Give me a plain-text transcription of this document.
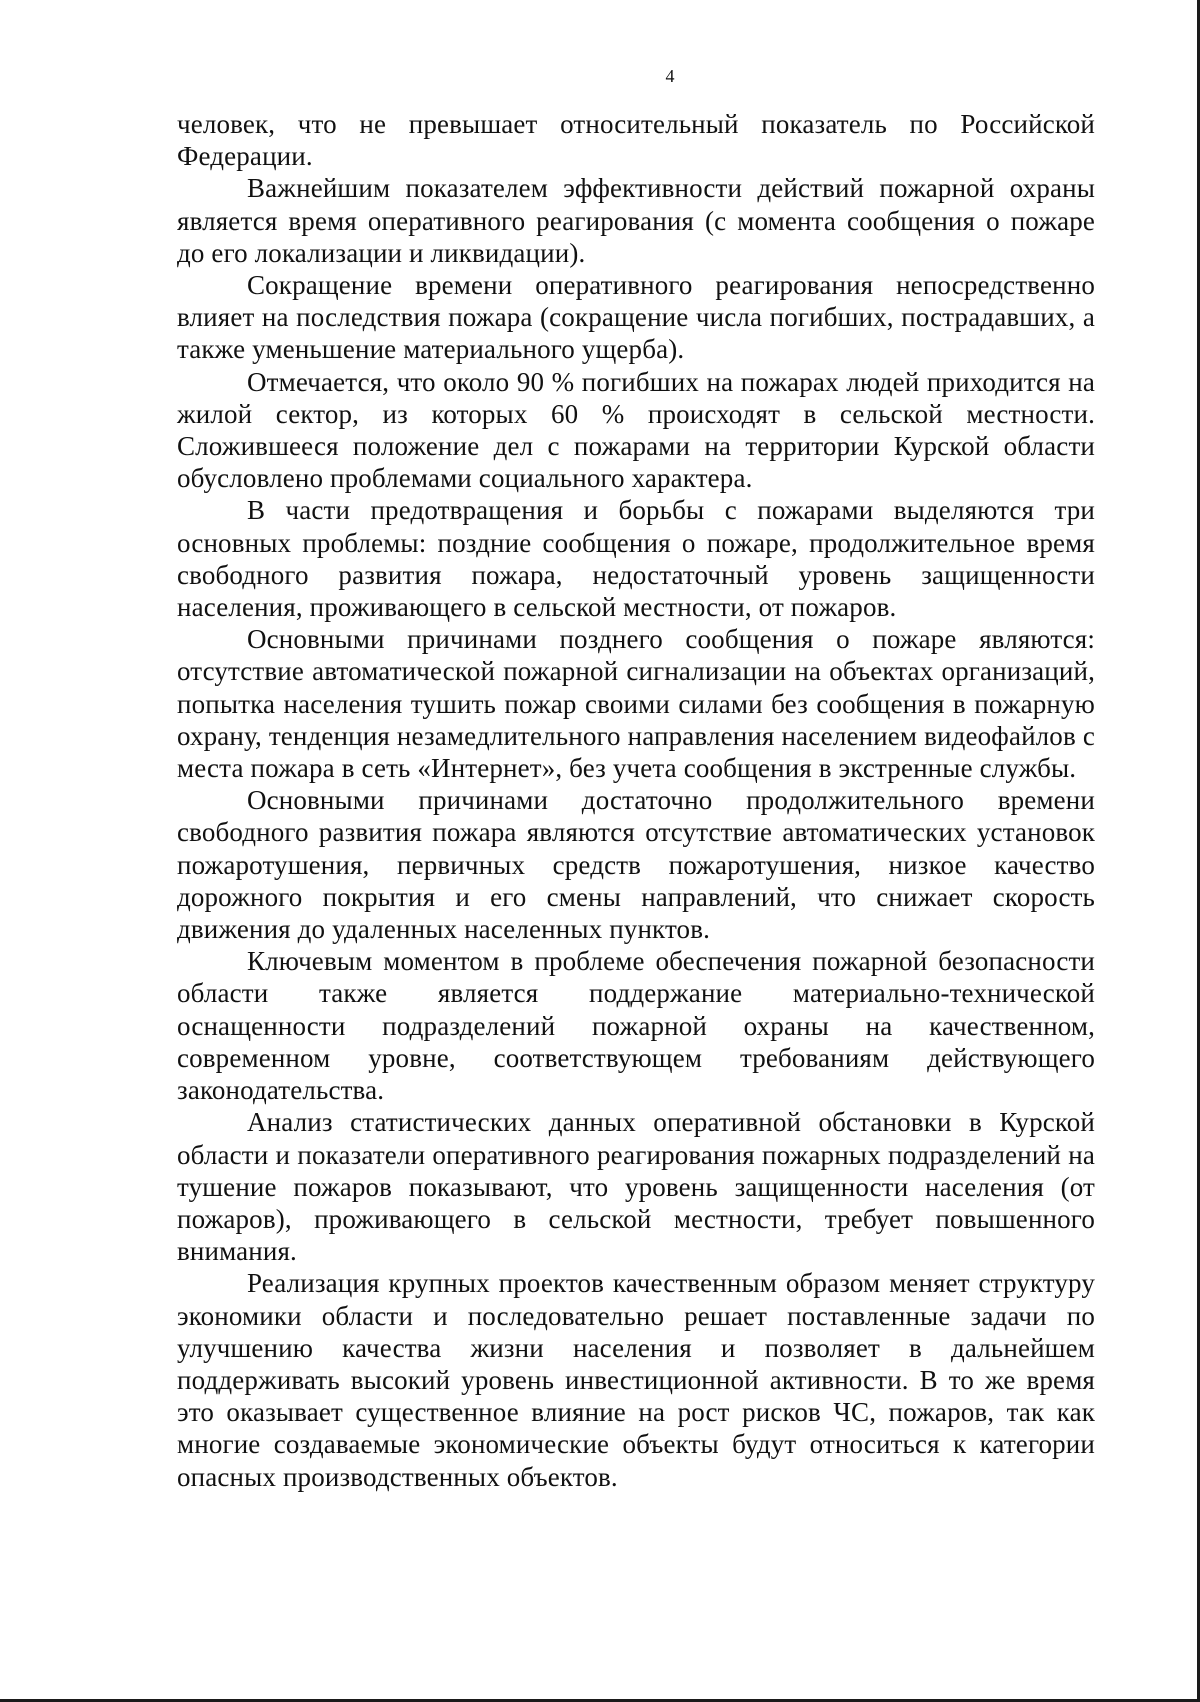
4

человек, что не превышает относительный показатель по Российской Федерации.

Важнейшим показателем эффективности действий пожарной охраны является время оперативного реагирования (с момента сообщения о пожаре до его локализации и ликвидации).

Сокращение времени оперативного реагирования непосредственно влияет на последствия пожара (сокращение числа погибших, пострадавших, а также уменьшение материального ущерба).

Отмечается, что около 90 % погибших на пожарах людей приходится на жилой сектор, из которых 60 % происходят в сельской местности. Сложившееся положение дел с пожарами на территории Курской области обусловлено проблемами социального характера.

В части предотвращения и борьбы с пожарами выделяются три основных проблемы: поздние сообщения о пожаре, продолжительное время свободного развития пожара, недостаточный уровень защищенности населения, проживающего в сельской местности, от пожаров.

Основными причинами позднего сообщения о пожаре являются: отсутствие автоматической пожарной сигнализации на объектах организаций, попытка населения тушить пожар своими силами без сообщения в пожарную охрану, тенденция незамедлительного направления населением видеофайлов с места пожара в сеть «Интернет», без учета сообщения в экстренные службы.

Основными причинами достаточно продолжительного времени свободного развития пожара являются отсутствие автоматических установок пожаротушения, первичных средств пожаротушения, низкое качество дорожного покрытия и его смены направлений, что снижает скорость движения до удаленных населенных пунктов.

Ключевым моментом в проблеме обеспечения пожарной безопасности области также является поддержание материально-технической оснащенности подразделений пожарной охраны на качественном, современном уровне, соответствующем требованиям действующего законодательства.

Анализ статистических данных оперативной обстановки в Курской области и показатели оперативного реагирования пожарных подразделений на тушение пожаров показывают, что уровень защищенности населения (от пожаров), проживающего в сельской местности, требует повышенного внимания.

Реализация крупных проектов качественным образом меняет структуру экономики области и последовательно решает поставленные задачи по улучшению качества жизни населения и позволяет в дальнейшем поддерживать высокий уровень инвестиционной активности. В то же время это оказывает существенное влияние на рост рисков ЧС, пожаров, так как многие создаваемые экономические объекты будут относиться к категории опасных производственных объектов.
